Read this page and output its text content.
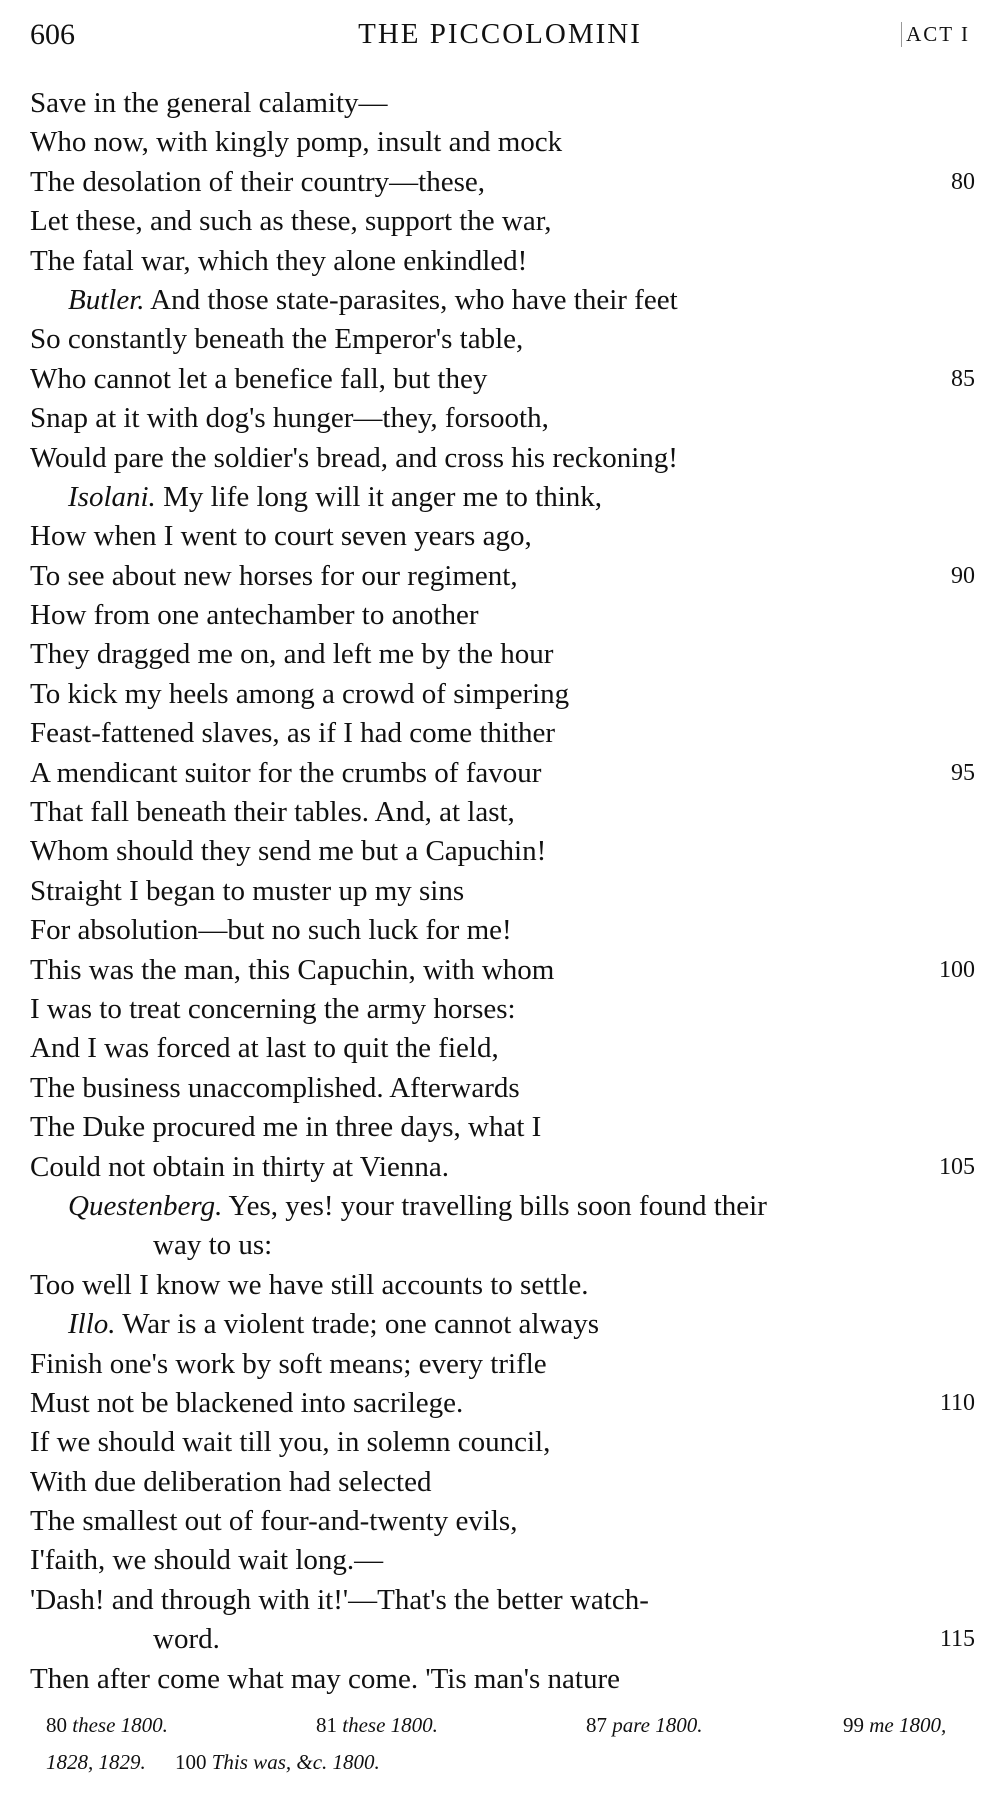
606	THE PICCOLOMINI	ACT I
Save in the general calamity—
Who now, with kingly pomp, insult and mock
The desolation of their country—these,	80
Let these, and such as these, support the war,
The fatal war, which they alone enkindled!
Butler. And those state-parasites, who have their feet
So constantly beneath the Emperor's table,
Who cannot let a benefice fall, but they	85
Snap at it with dog's hunger—they, forsooth,
Would pare the soldier's bread, and cross his reckoning!
Isolani. My life long will it anger me to think,
How when I went to court seven years ago,
To see about new horses for our regiment,	90
How from one antechamber to another
They dragged me on, and left me by the hour
To kick my heels among a crowd of simpering
Feast-fattened slaves, as if I had come thither
A mendicant suitor for the crumbs of favour	95
That fall beneath their tables. And, at last,
Whom should they send me but a Capuchin!
Straight I began to muster up my sins
For absolution—but no such luck for me!
This was the man, this Capuchin, with whom	100
I was to treat concerning the army horses:
And I was forced at last to quit the field,
The business unaccomplished. Afterwards
The Duke procured me in three days, what I
Could not obtain in thirty at Vienna.	105
Questenberg. Yes, yes! your travelling bills soon found their
way to us:
Too well I know we have still accounts to settle.
Illo. War is a violent trade; one cannot always
Finish one's work by soft means; every trifle
Must not be blackened into sacrilege.	110
If we should wait till you, in solemn council,
With due deliberation had selected
The smallest out of four-and-twenty evils,
I'faith, we should wait long.—
'Dash! and through with it!'—That's the better watch-
word.	115
Then after come what may come. 'Tis man's nature
80 these 1800.	81 these 1800.	87 pare 1800.	99 me 1800,
1828, 1829. 100 This was, &c. 1800.
